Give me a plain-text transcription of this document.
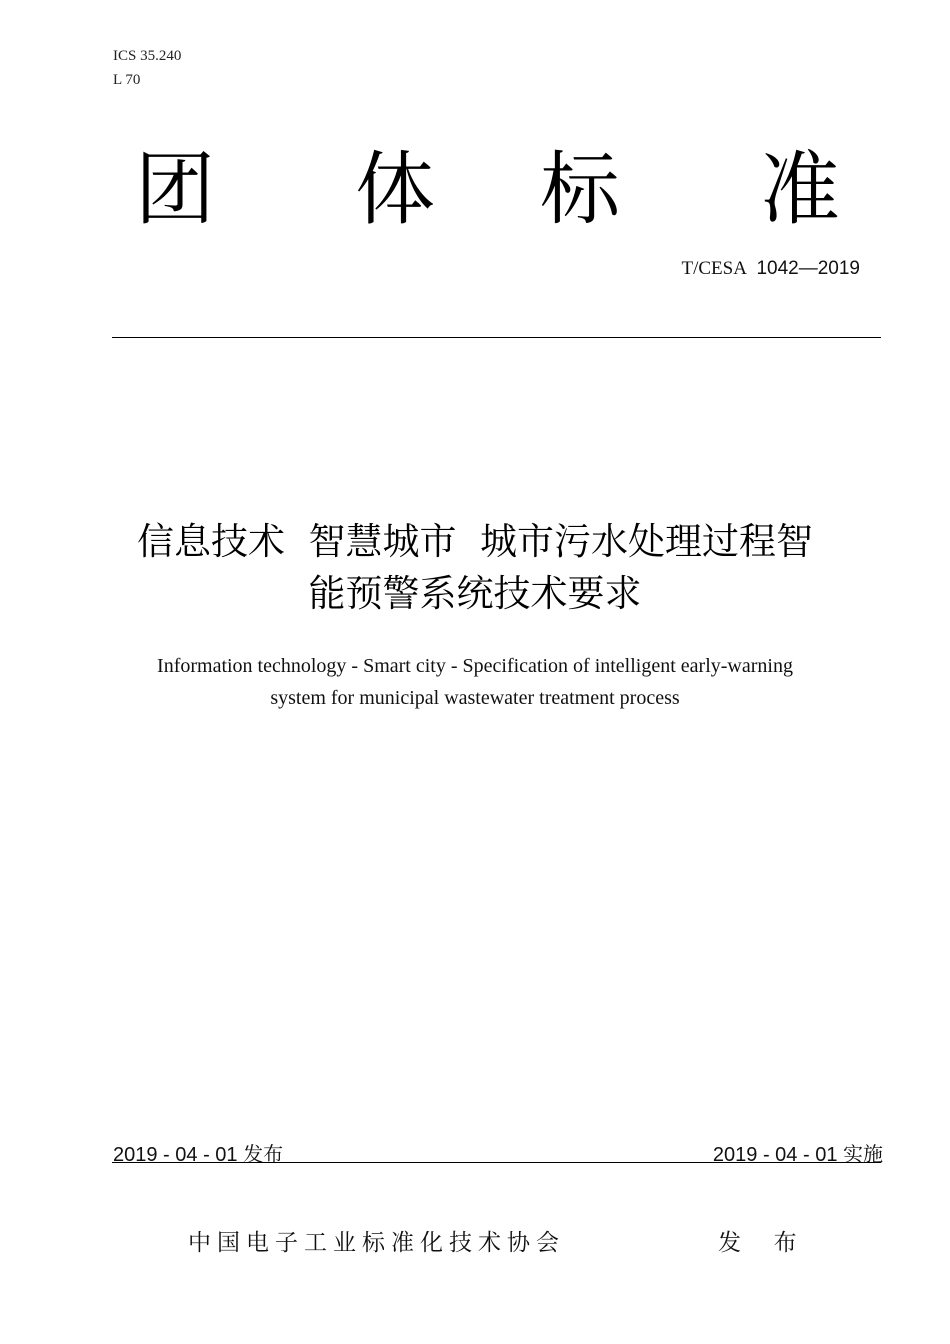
ICS 35.240
L 70
团 体 标 准
T/CESA 1042—2019
信息技术  智慧城市  城市污水处理过程智
能预警系统技术要求
Information technology - Smart city - Specification of intelligent early-warning
system for municipal wastewater treatment process
2019 - 04 - 01 发布	2019 - 04 - 01 实施
中国电子工业标准化技术协会	发  布
